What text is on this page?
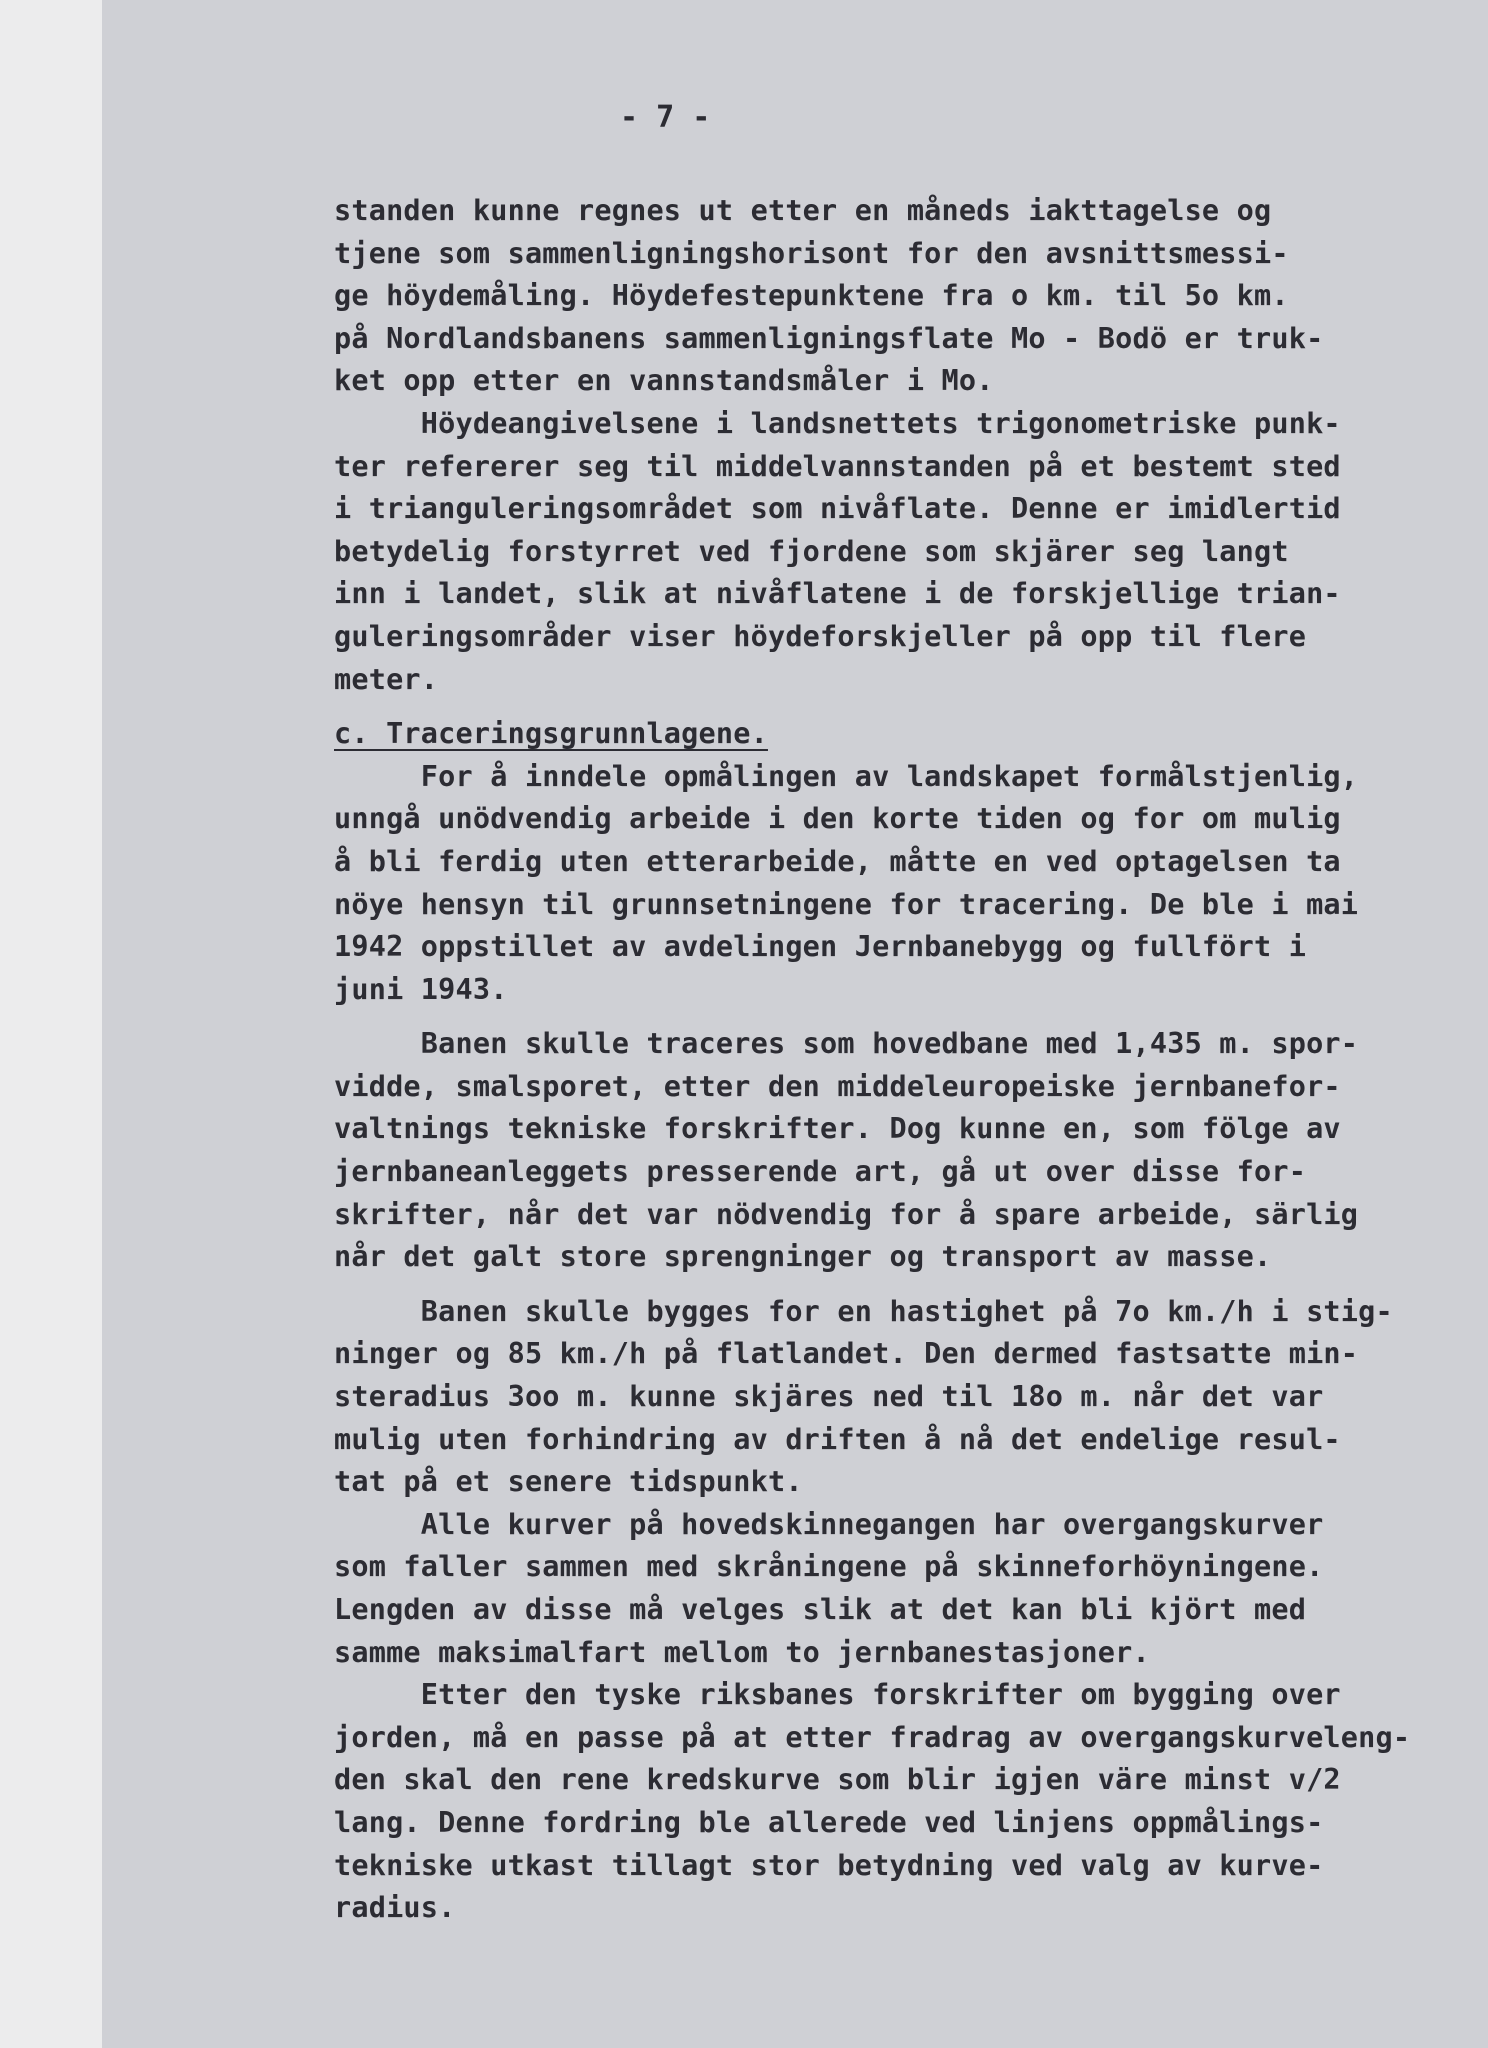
- 7 -
standen kunne regnes ut etter en måneds iakttagelse og
tjene som sammenligningshorisont for den avsnittsmessi-
ge höydemåling. Höydefestepunktene fra o km. til 5o km.
på Nordlandsbanens sammenligningsflate Mo - Bodö er truk-
ket opp etter en vannstandsmåler i Mo.
Höydeangivelsene i landsnettets trigonometriske punk-
ter refererer seg til middelvannstanden på et bestemt sted
i trianguleringsområdet som nivåflate. Denne er imidlertid
betydelig forstyrret ved fjordene som skjärer seg langt
inn i landet, slik at nivåflatene i de forskjellige trian-
guleringsområder viser höydeforskjeller på opp til flere
meter.
c. Traceringsgrunnlagene.
For å inndele opmålingen av landskapet formålstjenlig,
unngå unödvendig arbeide i den korte tiden og for om mulig
å bli ferdig uten etterarbeide, måtte en ved optagelsen ta
nöye hensyn til grunnsetningene for tracering. De ble i mai
1942 oppstillet av avdelingen Jernbanebygg og fullfört i
juni 1943.
Banen skulle traceres som hovedbane med 1,435 m. spor-
vidde, smalsporet, etter den middeleuropeiske jernbanefor-
valtnings tekniske forskrifter. Dog kunne en, som fölge av
jernbaneanleggets presserende art, gå ut over disse for-
skrifter, når det var nödvendig for å spare arbeide, särlig
når det galt store sprengninger og transport av masse.
Banen skulle bygges for en hastighet på 7o km./h i stig-
ninger og 85 km./h på flatlandet. Den dermed fastsatte min-
steradius 3oo m. kunne skjäres ned til 18o m. når det var
mulig uten forhindring av driften å nå det endelige resul-
tat på et senere tidspunkt.
Alle kurver på hovedskinnegangen har overgangskurver
som faller sammen med skråningene på skinneforhöyningene.
Lengden av disse må velges slik at det kan bli kjört med
samme maksimalfart mellom to jernbanestasjoner.
Etter den tyske riksbanes forskrifter om bygging over
jorden, må en passe på at etter fradrag av overgangskurveleng-
den skal den rene kredskurve som blir igjen väre minst v/2
lang. Denne fordring ble allerede ved linjens oppmålings-
tekniske utkast tillagt stor betydning ved valg av kurve-
radius.
